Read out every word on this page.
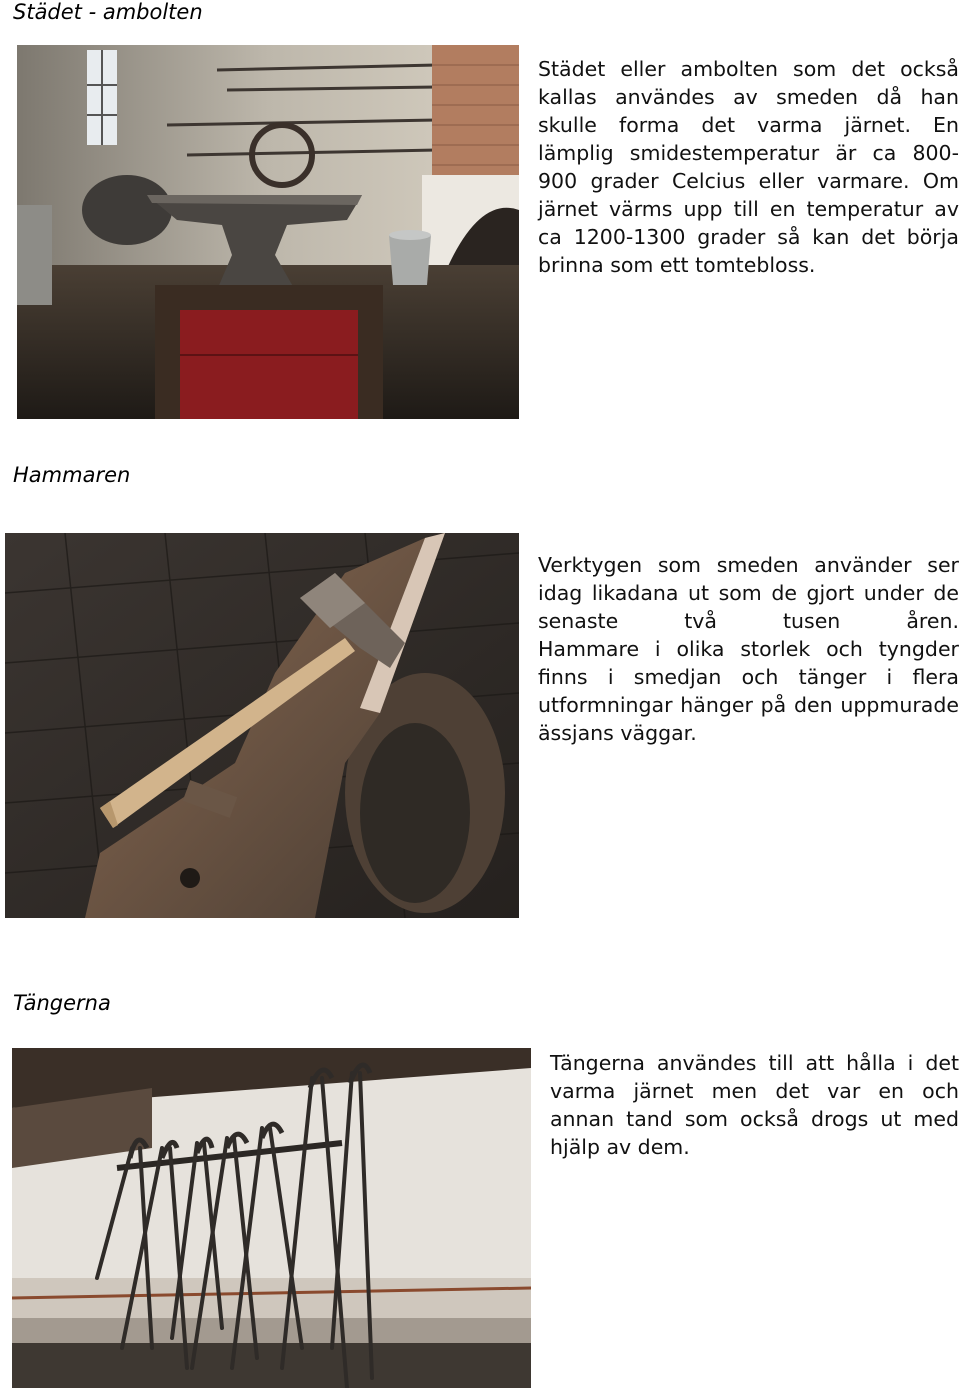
Städet - ambolten

Städet eller ambolten som det också kallas användes av smeden då han skulle forma det varma järnet. En lämplig smidestemperatur är ca 800-900 grader Celcius eller varmare. Om järnet värms upp till en temperatur av ca 1200-1300 grader så kan det börja brinna som ett tomtebloss.

Hammaren

Verktygen som smeden använder ser idag likadana ut som de gjort under de senaste två tusen åren.

Hammare i olika storlek och tyngder finns i smedjan och tänger i flera utformningar hänger på den uppmurade ässjans väggar.

Tängerna

Tängerna användes till att hålla i det varma järnet men det var en och annan tand som också drogs ut med hjälp av dem.
